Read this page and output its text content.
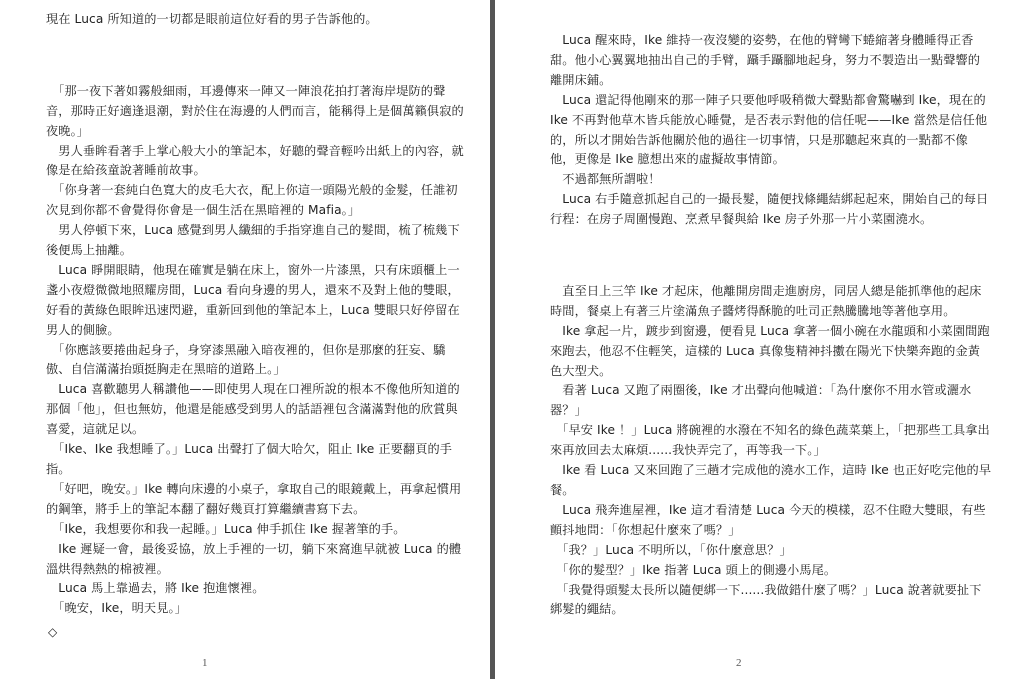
現在 Luca 所知道的一切都是眼前這位好看的男子告訴他的。

　「那一夜下著如霧般細雨，耳邊傳來一陣又一陣浪花拍打著海岸堤防的聲音，那時正好適逢退潮，對於住在海邊的人們而言，能稱得上是個萬籟俱寂的夜晚。」

　男人垂眸看著手上掌心般大小的筆記本，好聽的聲音輕吟出紙上的內容，就像是在給孩童說著睡前故事。

　「你身著一套純白色寬大的皮毛大衣，配上你這一頭陽光般的金髮，任誰初次見到你都不會覺得你會是一個生活在黑暗裡的 Mafia。」

　男人停頓下來，Luca 感覺到男人纖細的手指穿進自己的髮間，梳了梳幾下後便馬上抽離。

　Luca 睜開眼睛，他現在確實是躺在床上，窗外一片漆黑，只有床頭櫃上一盞小夜燈微微地照耀房間，Luca 看向身邊的男人，還來不及對上他的雙眼，好看的黃綠色眼眸迅速閃避，重新回到他的筆記本上，Luca 雙眼只好停留在男人的側臉。

　「你應該要捲曲起身子，身穿漆黑融入暗夜裡的，但你是那麼的狂妄、驕傲、自信滿滿抬頭挺胸走在黑暗的道路上。」

　Luca 喜歡聽男人稱讚他——即使男人現在口裡所說的根本不像他所知道的那個「他」，但也無妨，他還是能感受到男人的話語裡包含滿滿對他的欣賞與喜愛，這就足以。

　「Ike、Ike 我想睡了。」Luca 出聲打了個大哈欠，阻止 Ike 正要翻頁的手指。

　「好吧，晚安。」Ike 轉向床邊的小桌子，拿取自己的眼鏡戴上，再拿起慣用的鋼筆，將手上的筆記本翻了翻好幾頁打算繼續書寫下去。

　「Ike，我想要你和我一起睡。」Luca 伸手抓住 Ike 握著筆的手。

　Ike 遲疑一會，最後妥協，放上手裡的一切，躺下來窩進早就被 Luca 的體溫烘得熱熱的棉被裡。

　Luca 馬上靠過去，將 Ike 抱進懷裡。

　「晚安，Ike，明天見。」

◇
1

　Luca 醒來時，Ike 維持一夜沒變的姿勢，在他的臂彎下蜷縮著身體睡得正香甜。他小心翼翼地抽出自己的手臂，躡手躡腳地起身，努力不製造出一點聲響的離開床鋪。

　Luca 還記得他剛來的那一陣子只要他呼吸稍微大聲點都會驚嚇到 Ike，現在的 Ike 不再對他草木皆兵能放心睡覺，是否表示對他的信任呢——Ike 當然是信任他的，所以才開始告訴他關於他的過往一切事情，只是那聽起來真的一點都不像他，更像是 Ike 臆想出來的虛擬故事情節。

　不過都無所謂啦！

　Luca 右手隨意抓起自己的一撮長髮，隨便找條繩結綁起起來，開始自己的每日行程：在房子周圍慢跑、烹煮早餐與給 Ike 房子外那一片小菜園澆水。

　直至日上三竿 Ike 才起床，他離開房間走進廚房，同居人總是能抓準他的起床時間，餐桌上有著三片塗滿魚子醬烤得酥脆的吐司正熱騰騰地等著他享用。

　Ike 拿起一片，踱步到窗邊，便看見 Luca 拿著一個小碗在水龍頭和小菜園間跑來跑去，他忍不住輕笑，這樣的 Luca 真像隻精神抖擻在陽光下快樂奔跑的金黃色大型犬。

　看著 Luca 又跑了兩圈後，Ike 才出聲向他喊道：「為什麼你不用水管或灑水器？」

　「早安 Ike ！」Luca 將碗裡的水潑在不知名的綠色蔬菜葉上，「把那些工具拿出來再放回去太麻煩......我快弄完了，再等我一下。」

　Ike 看 Luca 又來回跑了三趟才完成他的澆水工作，這時 Ike 也正好吃完他的早餐。

　Luca 飛奔進屋裡，Ike 這才看清楚 Luca 今天的模樣，忍不住瞪大雙眼，有些顫抖地問：「你想起什麼來了嗎？」

　「我？」Luca 不明所以，「你什麼意思？」

　「你的髮型？」Ike 指著 Luca 頭上的側邊小馬尾。

　「我覺得頭髮太長所以隨便綁一下......我做錯什麼了嗎？」Luca 說著就要扯下綁髮的繩結。

2
